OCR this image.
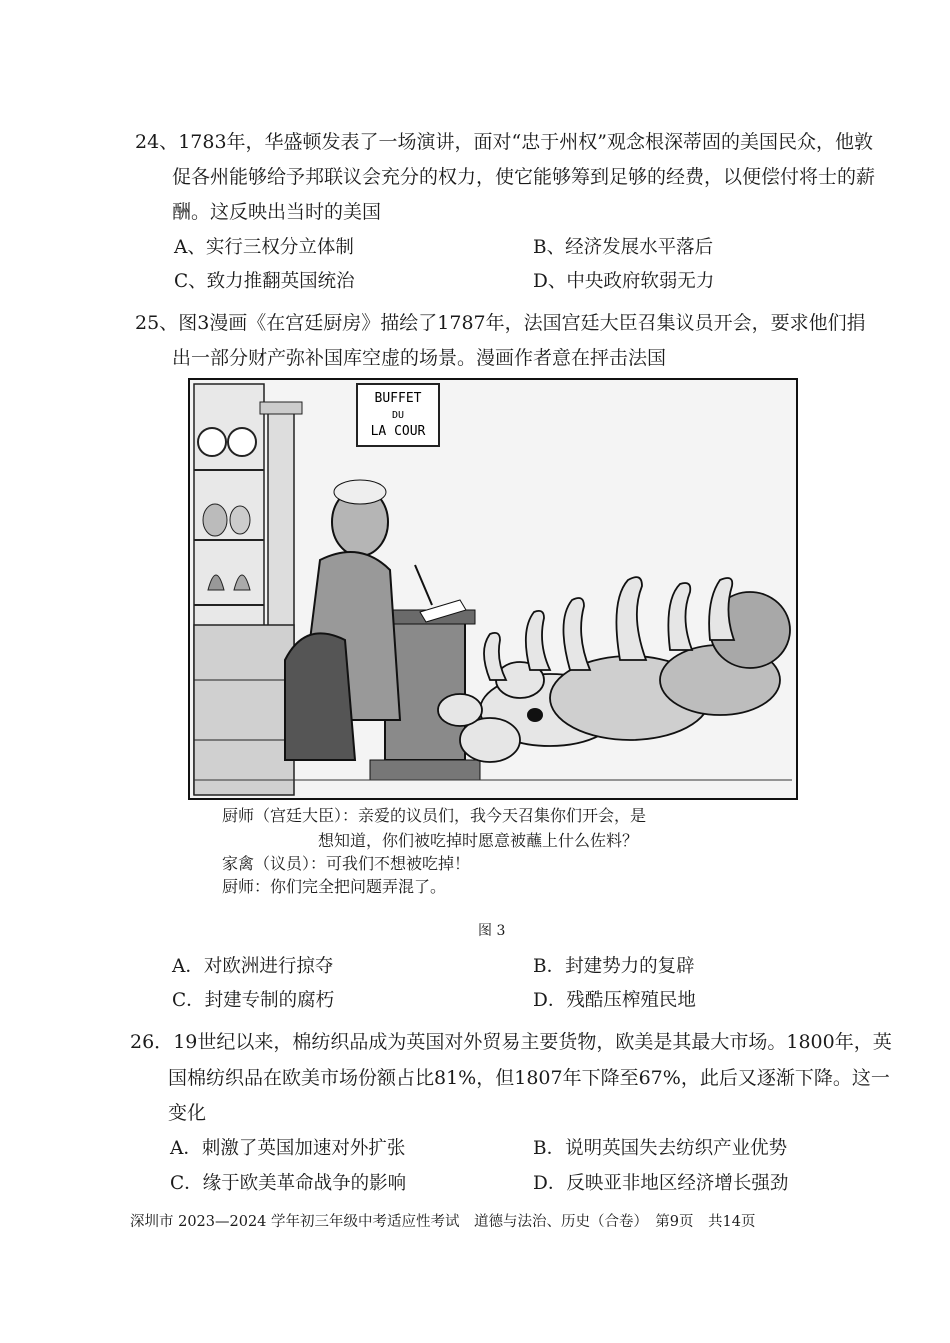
24、1783年，华盛顿发表了一场演讲，面对“忠于州权”观念根深蒂固的美国民众，他敦
促各州能够给予邦联议会充分的权力，使它能够筹到足够的经费，以便偿付将士的薪
酬。这反映出当时的美国
A、实行三权分立体制	B、经济发展水平落后
C、致力推翻英国统治	D、中央政府软弱无力
25、图3漫画《在宫廷厨房》描绘了1787年，法国宫廷大臣召集议员开会，要求他们捐
出一部分财产弥补国库空虚的场景。漫画作者意在抨击法国
BUFFET
DU
LA COUR
厨师（宫廷大臣）：亲爱的议员们，我今天召集你们开会，是
想知道，你们被吃掉时愿意被蘸上什么佐料？
家禽（议员）：可我们不想被吃掉！
厨师：你们完全把问题弄混了。
图 3
A．对欧洲进行掠夺	B．封建势力的复辟
C．封建专制的腐朽	D．残酷压榨殖民地
26．19世纪以来，棉纺织品成为英国对外贸易主要货物，欧美是其最大市场。1800年，英
国棉纺织品在欧美市场份额占比81%，但1807年下降至67%，此后又逐渐下降。这一
变化
A．刺激了英国加速对外扩张	B．说明英国失去纺织产业优势
C．缘于欧美革命战争的影响	D．反映亚非地区经济增长强劲
深圳市 2023—2024 学年初三年级中考适应性考试　道德与法治、历史（合卷）　第9页　共14页
